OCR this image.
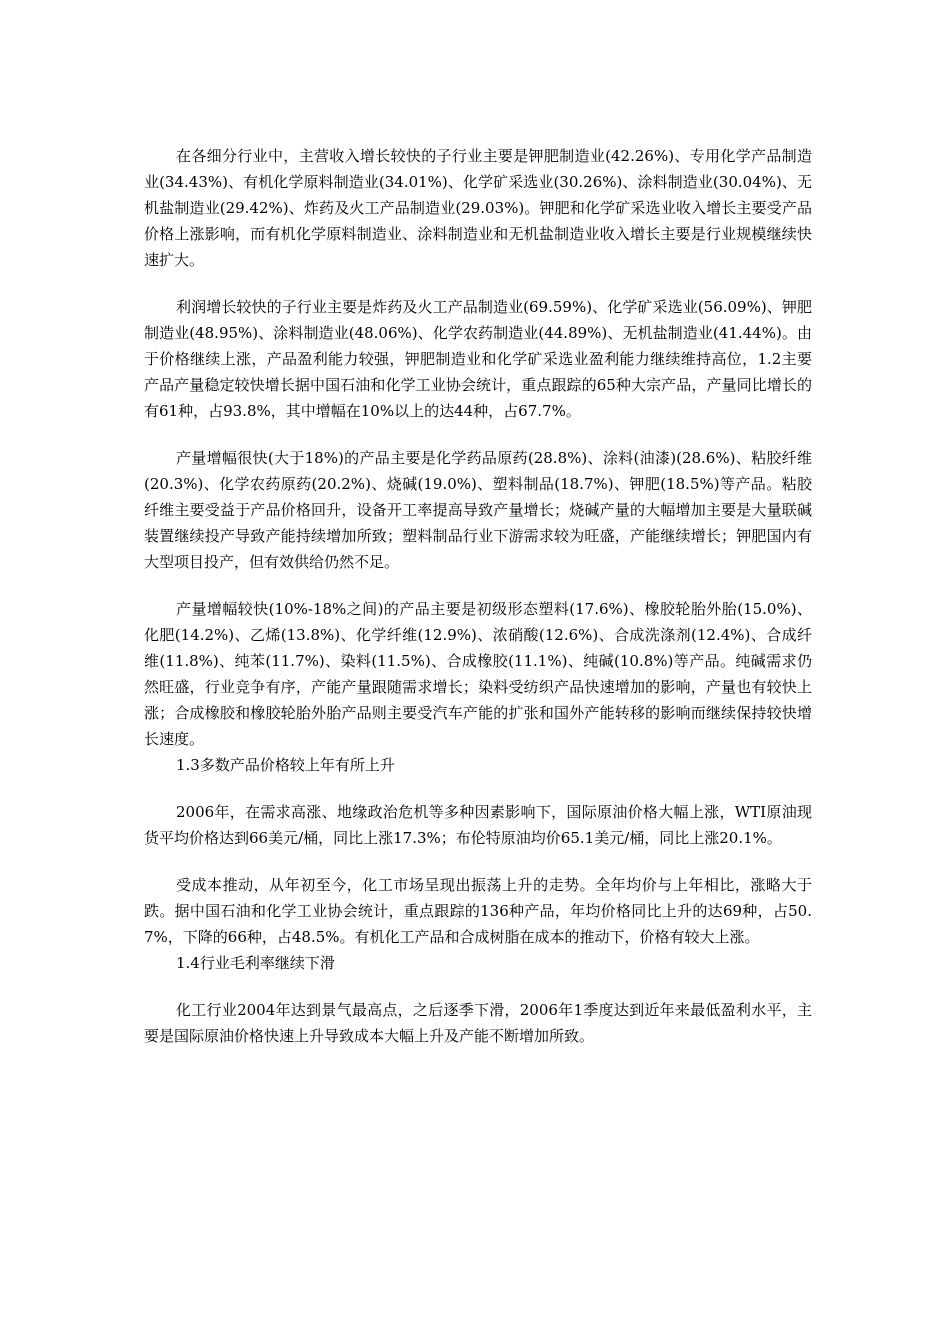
在各细分行业中，主营收入增长较快的子行业主要是钾肥制造业(42.26%)、专用化学产品制造业(34.43%)、有机化学原料制造业(34.01%)、化学矿采选业(30.26%)、涂料制造业(30.04%)、无机盐制造业(29.42%)、炸药及火工产品制造业(29.03%)。钾肥和化学矿采选业收入增长主要受产品价格上涨影响，而有机化学原料制造业、涂料制造业和无机盐制造业收入增长主要是行业规模继续快速扩大。

利润增长较快的子行业主要是炸药及火工产品制造业(69.59%)、化学矿采选业(56.09%)、钾肥制造业(48.95%)、涂料制造业(48.06%)、化学农药制造业(44.89%)、无机盐制造业(41.44%)。由于价格继续上涨，产品盈利能力较强，钾肥制造业和化学矿采选业盈利能力继续维持高位，1.2主要产品产量稳定较快增长据中国石油和化学工业协会统计，重点跟踪的65种大宗产品，产量同比增长的有61种，占93.8%，其中增幅在10%以上的达44种，占67.7%。

产量增幅很快(大于18%)的产品主要是化学药品原药(28.8%)、涂料(油漆)(28.6%)、粘胶纤维(20.3%)、化学农药原药(20.2%)、烧碱(19.0%)、塑料制品(18.7%)、钾肥(18.5%)等产品。粘胶纤维主要受益于产品价格回升，设备开工率提高导致产量增长；烧碱产量的大幅增加主要是大量联碱装置继续投产导致产能持续增加所致；塑料制品行业下游需求较为旺盛，产能继续增长；钾肥国内有大型项目投产，但有效供给仍然不足。

产量增幅较快(10%-18%之间)的产品主要是初级形态塑料(17.6%)、橡胶轮胎外胎(15.0%)、化肥(14.2%)、乙烯(13.8%)、化学纤维(12.9%)、浓硝酸(12.6%)、合成洗涤剂(12.4%)、合成纤维(11.8%)、纯苯(11.7%)、染料(11.5%)、合成橡胶(11.1%)、纯碱(10.8%)等产品。纯碱需求仍然旺盛，行业竞争有序，产能产量跟随需求增长；染料受纺织产品快速增加的影响，产量也有较快上涨；合成橡胶和橡胶轮胎外胎产品则主要受汽车产能的扩张和国外产能转移的影响而继续保持较快增长速度。

1.3多数产品价格较上年有所上升

2006年，在需求高涨、地缘政治危机等多种因素影响下，国际原油价格大幅上涨，WTI原油现货平均价格达到66美元/桶，同比上涨17.3%；布伦特原油均价65.1美元/桶，同比上涨20.1%。

受成本推动，从年初至今，化工市场呈现出振荡上升的走势。全年均价与上年相比，涨略大于跌。据中国石油和化学工业协会统计，重点跟踪的136种产品，年均价格同比上升的达69种，占50.7%，下降的66种，占48.5%。有机化工产品和合成树脂在成本的推动下，价格有较大上涨。

1.4行业毛利率继续下滑

化工行业2004年达到景气最高点，之后逐季下滑，2006年1季度达到近年来最低盈利水平，主要是国际原油价格快速上升导致成本大幅上升及产能不断增加所致。
